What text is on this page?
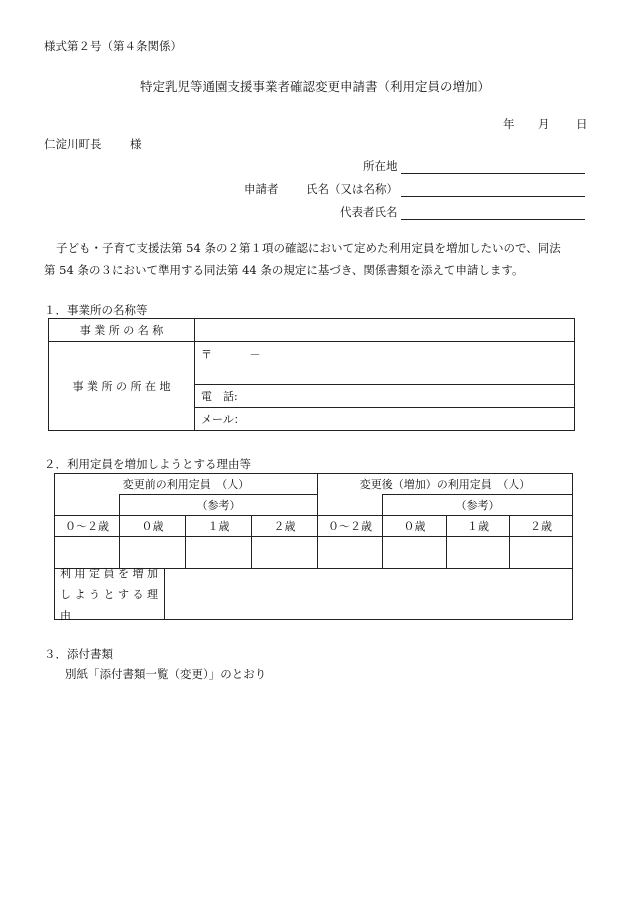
様式第２号（第４条関係）
特定乳児等通園支援事業者確認変更申請書（利用定員の増加）
年 月 日
仁淀川町長 様
所在地
申請者 氏名（又は名称）
代表者氏名
子ども・子育て支援法第 54 条の２第１項の確認において定めた利用定員を増加したいので、同法
第 54 条の３において準用する同法第 44 条の規定に基づき、関係書類を添えて申請します。
１．事業所の名称等
事 業 所 の 名 称	
事 業 所 の 所 在 地	〒 －
	電　話:
	メール：
２．利用定員を増加しようとする理由等
変更前の利用定員　（人）				変更後（増加）の利用定員　（人）			
	（参考）				（参考）		
０～２歳	０歳	１歳	２歳	０～２歳	０歳	１歳	２歳

利 用 定 員 を 増 加
し よ う と す る 理 由							
３．添付書類
別紙「添付書類一覧（変更）」のとおり
